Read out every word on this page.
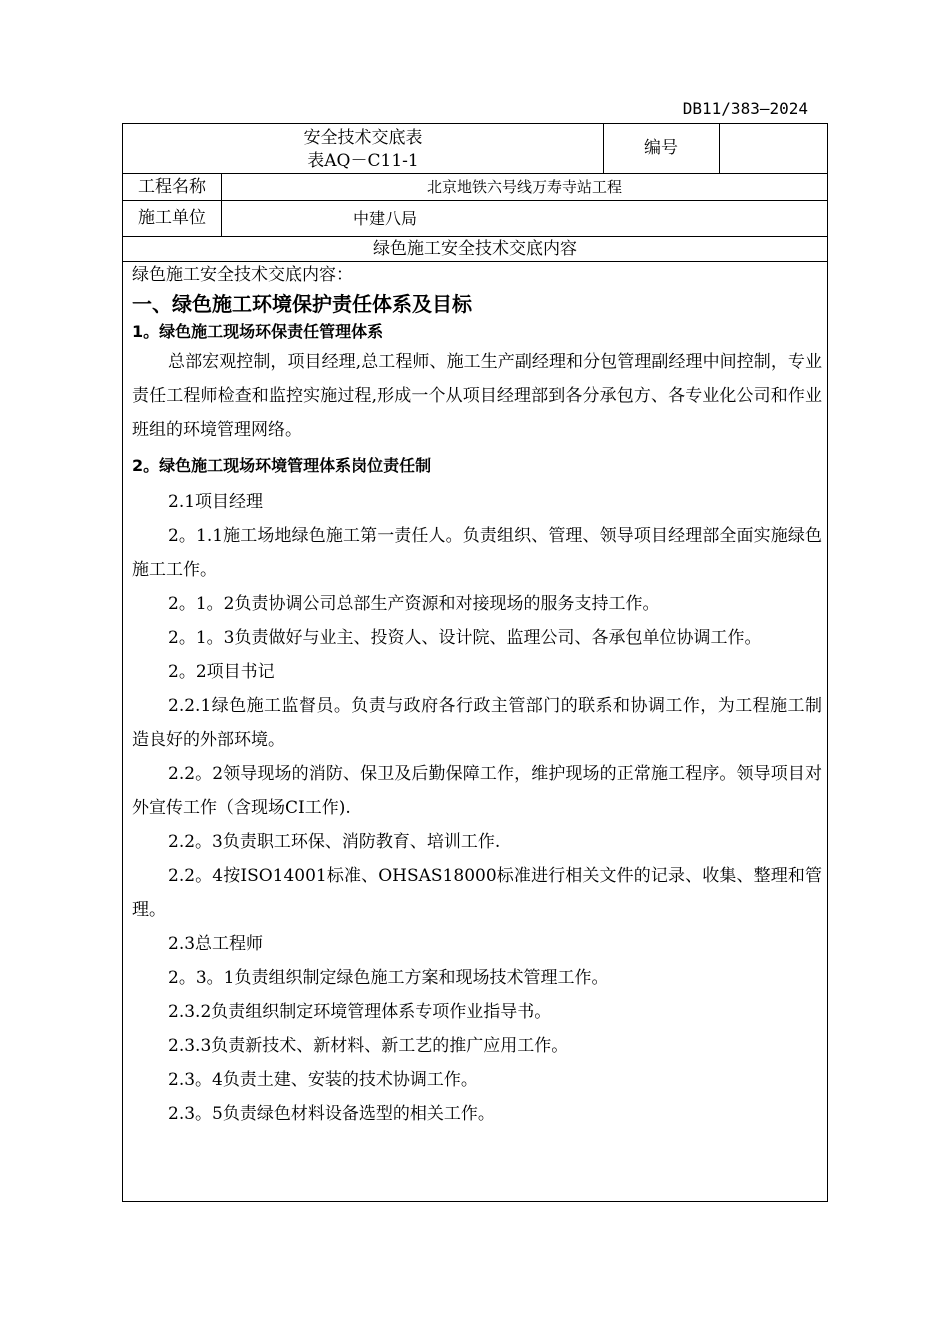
DB11/383—2024
安全技术交底表
表AQ－C11-1
编号
工程名称	北京地铁六号线万寿寺站工程
施工单位	中建八局
绿色施工安全技术交底内容

绿色施工安全技术交底内容：

一、绿色施工环境保护责任体系及目标

1。绿色施工现场环保责任管理体系

总部宏观控制，项目经理,总工程师、施工生产副经理和分包管理副经理中间控制，专业责任工程师检查和监控实施过程,形成一个从项目经理部到各分承包方、各专业化公司和作业班组的环境管理网络。

2。绿色施工现场环境管理体系岗位责任制

2.1项目经理

2。1.1施工场地绿色施工第一责任人。负责组织、管理、领导项目经理部全面实施绿色施工工作。

2。1。2负责协调公司总部生产资源和对接现场的服务支持工作。

2。1。3负责做好与业主、投资人、设计院、监理公司、各承包单位协调工作。

2。2项目书记

2.2.1绿色施工监督员。负责与政府各行政主管部门的联系和协调工作，为工程施工制造良好的外部环境。

2.2。2领导现场的消防、保卫及后勤保障工作，维护现场的正常施工程序。领导项目对外宣传工作（含现场CI工作).

2.2。3负责职工环保、消防教育、培训工作.

2.2。4按ISO14001标准、OHSAS18000标准进行相关文件的记录、收集、整理和管理。

2.3总工程师

2。3。1负责组织制定绿色施工方案和现场技术管理工作。

2.3.2负责组织制定环境管理体系专项作业指导书。

2.3.3负责新技术、新材料、新工艺的推广应用工作。

2.3。4负责土建、安装的技术协调工作。

2.3。5负责绿色材料设备选型的相关工作。
